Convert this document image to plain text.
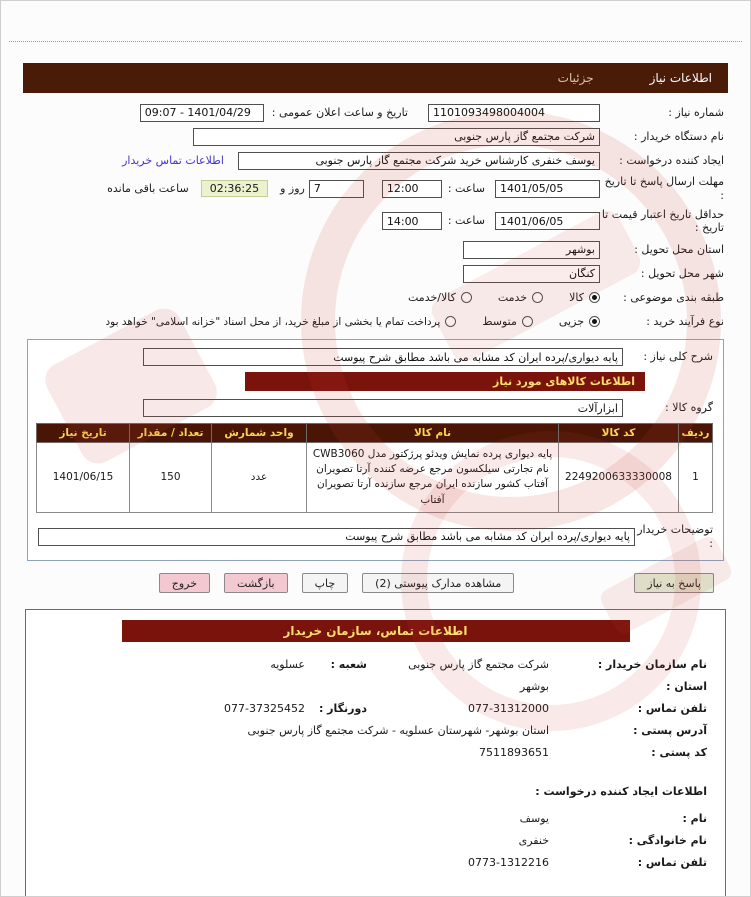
اطلاعات نیاز
جزئیات
شماره نیاز :
1101093498004004
تاریخ و ساعت اعلان عمومی :
09:07 - 1401/04/29
نام دستگاه خریدار :
شرکت مجتمع گاز پارس جنوبی
ایجاد کننده درخواست :
یوسف خنفری کارشناس خرید شرکت مجتمع گاز پارس جنوبی
اطلاعات تماس خریدار
مهلت ارسال پاسخ تا تاریخ :
1401/05/05
ساعت :
12:00
7
روز و
02:36:25
ساعت باقی مانده
حداقل تاریخ اعتبار قیمت تا تاریخ :
1401/06/05
ساعت :
14:00
استان محل تحویل :
بوشهر
شهر محل تحویل :
کنگان
طبقه بندی موضوعی :
کالا
خدمت
کالا/خدمت
نوع فرآیند خرید :
جزیی
متوسط
پرداخت تمام یا بخشی از مبلغ خرید، از محل اسناد "خزانه اسلامی" خواهد بود
شرح کلی نیاز :
پایه دیواری/پرده ایران کد مشابه می باشد مطابق شرح پیوست
اطلاعات کالاهای مورد نیاز
گروه کالا :
ابزارآلات
ردیف	کد کالا	نام کالا	واحد شمارش	تعداد / مقدار	تاریخ نیاز
1	2249200633330008	پایه دیواری پرده نمایش ویدئو پرژکتور مدل CWB3060 نام تجارتی سیلکسون مرجع عرضه کننده آرتا تصویران آفتاب کشور سازنده ایران مرجع سازنده آرتا تصویران آفتاب	عدد	150	1401/06/15
توضیحات خریدار :
پایه دیواری/پرده ایران کد مشابه می باشد مطابق شرح پیوست
پاسخ به نیاز
مشاهده مدارک پیوستی (2)
چاپ
بازگشت
خروج
اطلاعات تماس، سازمان خریدار
نام سازمان خریدار :
شرکت مجتمع گاز پارس جنوبی
شعبه :
عسلویه
استان :
بوشهر
تلفن تماس :
077-31312000
دورنگار :
077-37325452
آدرس پستی :
استان بوشهر- شهرستان عسلویه - شرکت مجتمع گاز پارس جنوبی
کد پستی :
7511893651
اطلاعات ایجاد کننده درخواست :
نام :
یوسف
نام خانوادگی :
خنفری
تلفن تماس :
0773-1312216
